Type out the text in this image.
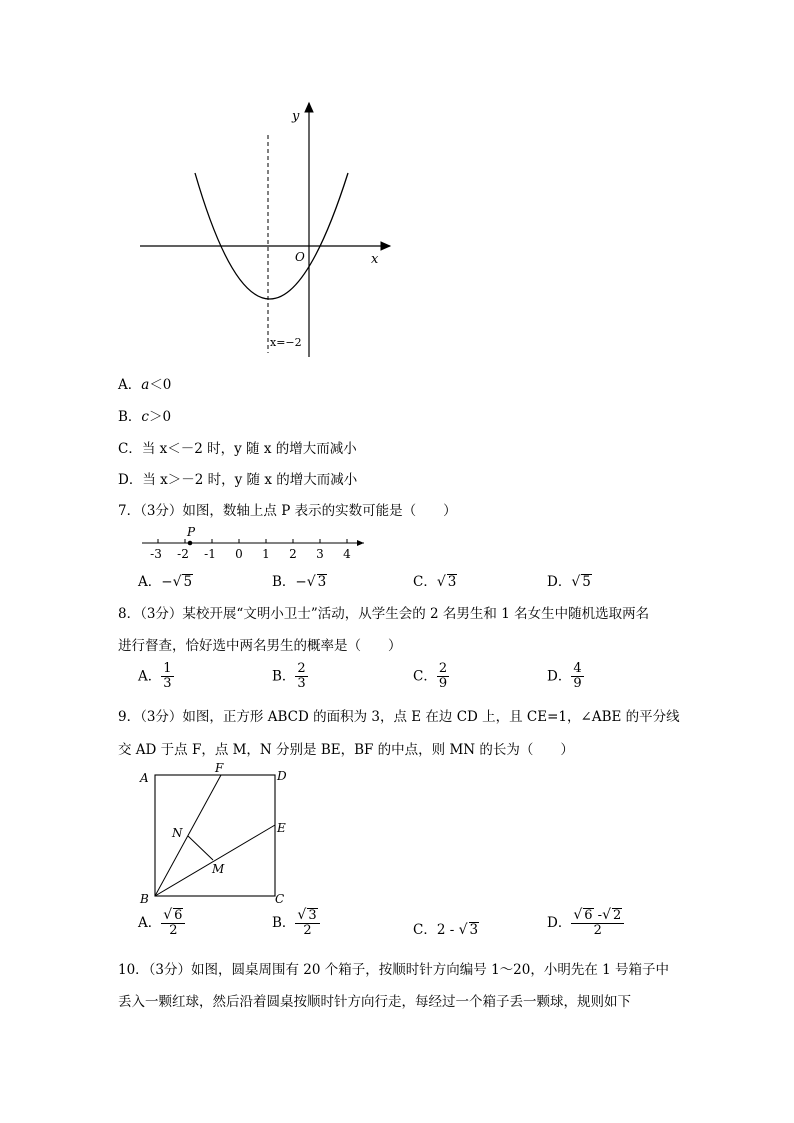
y
x
O
x=−2
A．a＜0
B．c＞0
C．当 x＜－2 时，y 随 x 的增大而减小
D．当 x＞－2 时，y 随 x 的增大而减小
7．（3分）如图，数轴上点 P 表示的实数可能是（　　）
P
-3 -2 -1 0 1 2 3 4
A．−√ 5	B．−√ 3	C．√ 3	D．√ 5
8．（3分）某校开展“文明小卫士”活动，从学生会的 2 名男生和 1 名女生中随机选取两名
进行督查，恰好选中两名男生的概率是（　　）
A． $\frac{1}{3}$	B． $\frac{2}{3}$	C． $\frac{2}{9}$	D． $\frac{4}{9}$
9．（3分）如图，正方形 ABCD 的面积为 3，点 E 在边 CD 上，且 CE=1，∠ABE 的平分线
交 AD 于点 F，点 M，N 分别是 BE，BF 的中点，则 MN 的长为（　　）
A
F
D
E
N
M
B	C
A． $\frac{√ 6}{2}$	B． $\frac{√ 3}{2}$	C．2 - √ 3	D． $\frac{√ 6 -√ 2}{2}$
10．（3分）如图，圆桌周围有 20 个箱子，按顺时针方向编号 1～20，小明先在 1 号箱子中
丢入一颗红球，然后沿着圆桌按顺时针方向行走，每经过一个箱子丢一颗球，规则如下
